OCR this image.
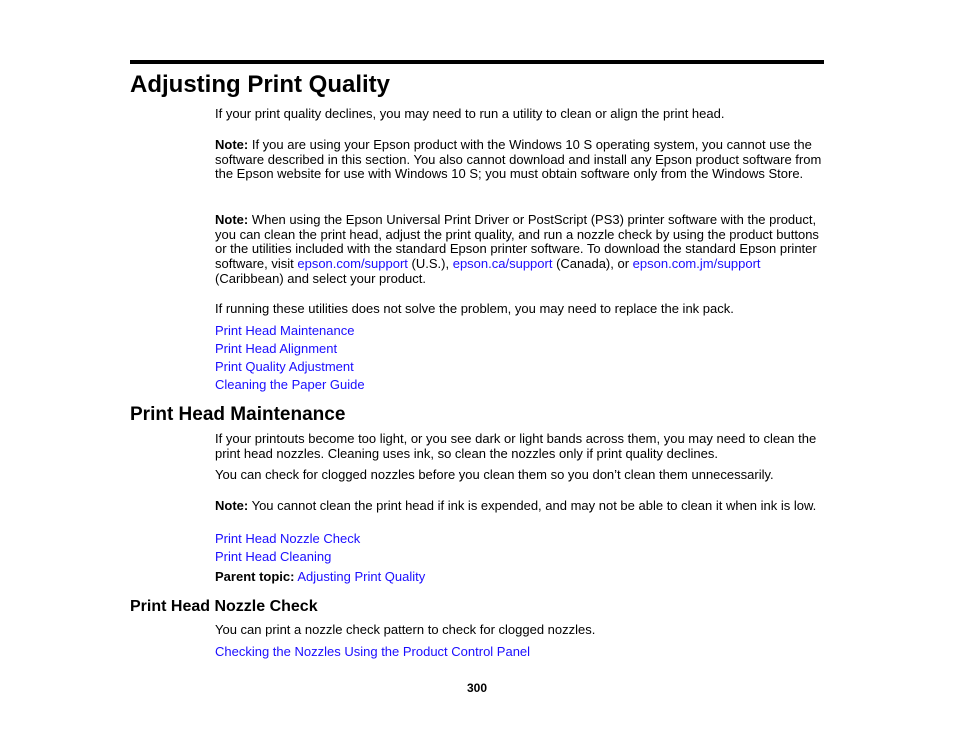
Adjusting Print Quality

If your print quality declines, you may need to run a utility to clean or align the print head.

Note: If you are using your Epson product with the Windows 10 S operating system, you cannot use the software described in this section. You also cannot download and install any Epson product software from the Epson website for use with Windows 10 S; you must obtain software only from the Windows Store.

Note: When using the Epson Universal Print Driver or PostScript (PS3) printer software with the product, you can clean the print head, adjust the print quality, and run a nozzle check by using the product buttons or the utilities included with the standard Epson printer software. To download the standard Epson printer software, visit epson.com/support (U.S.), epson.ca/support (Canada), or epson.com.jm/support (Caribbean) and select your product.

If running these utilities does not solve the problem, you may need to replace the ink pack.

Print Head Maintenance
Print Head Alignment
Print Quality Adjustment
Cleaning the Paper Guide
Print Head Maintenance

If your printouts become too light, or you see dark or light bands across them, you may need to clean the print head nozzles. Cleaning uses ink, so clean the nozzles only if print quality declines.

You can check for clogged nozzles before you clean them so you don’t clean them unnecessarily.

Note: You cannot clean the print head if ink is expended, and may not be able to clean it when ink is low.

Print Head Nozzle Check
Print Head Cleaning

Parent topic: Adjusting Print Quality

Print Head Nozzle Check

You can print a nozzle check pattern to check for clogged nozzles.

Checking the Nozzles Using the Product Control Panel
300
